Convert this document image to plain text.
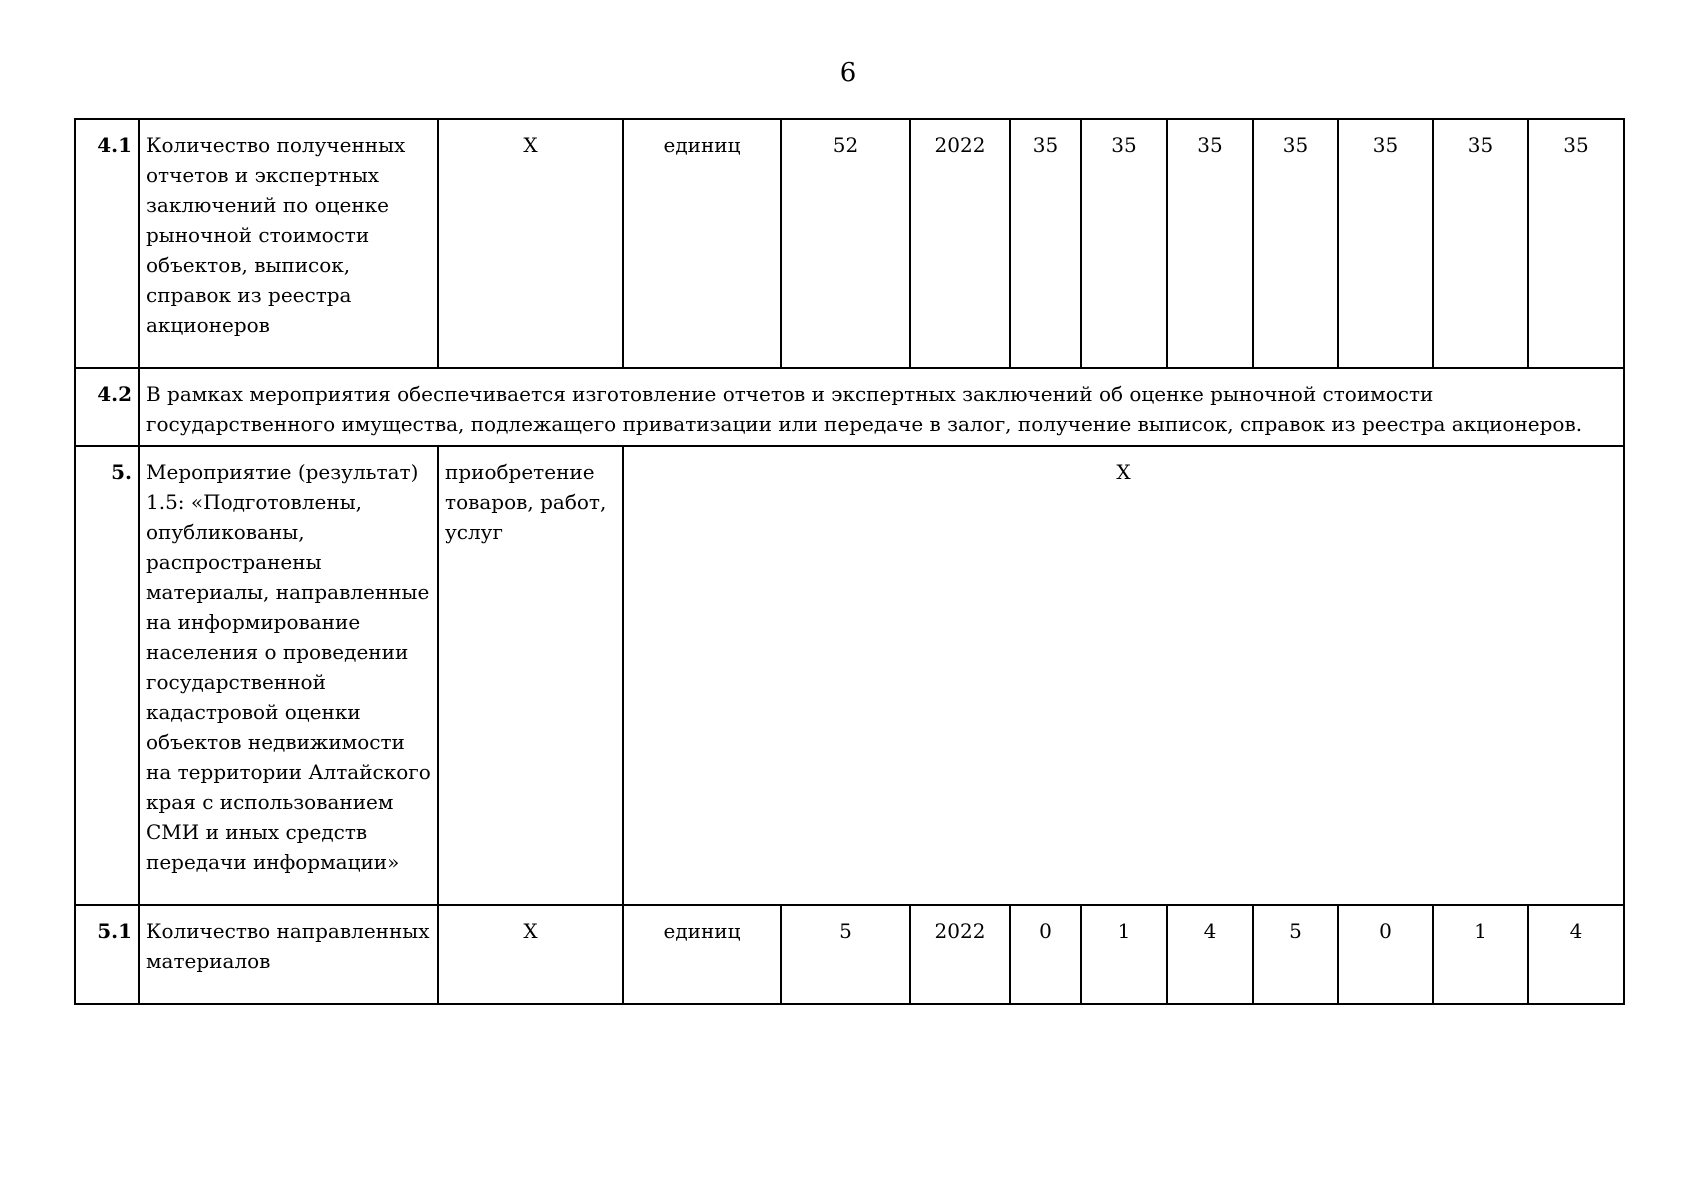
6
4.1	Количество полученных отчетов и экспертных заключений по оценке рыночной стоимости объектов, выписок, справок из реестра акционеров	X	единиц	52	2022	35	35	35	35	35	35	35
4.2	В рамках мероприятия обеспечивается изготовление отчетов и экспертных заключений об оценке рыночной стоимости государственного имущества, подлежащего приватизации или передаче в залог, получение выписок, справок из реестра акционеров.											
5.	Мероприятие (результат) 1.5: «Подготовлены, опубликованы, распространены материалы, направленные на информирование населения о проведении государственной кадастровой оценки объектов недвижимости на территории Алтайского края с использованием СМИ и иных средств передачи информации»	приобретение товаров, работ, услуг	X									
5.1	Количество направленных материалов	X	единиц	5	2022	0	1	4	5	0	1	4
